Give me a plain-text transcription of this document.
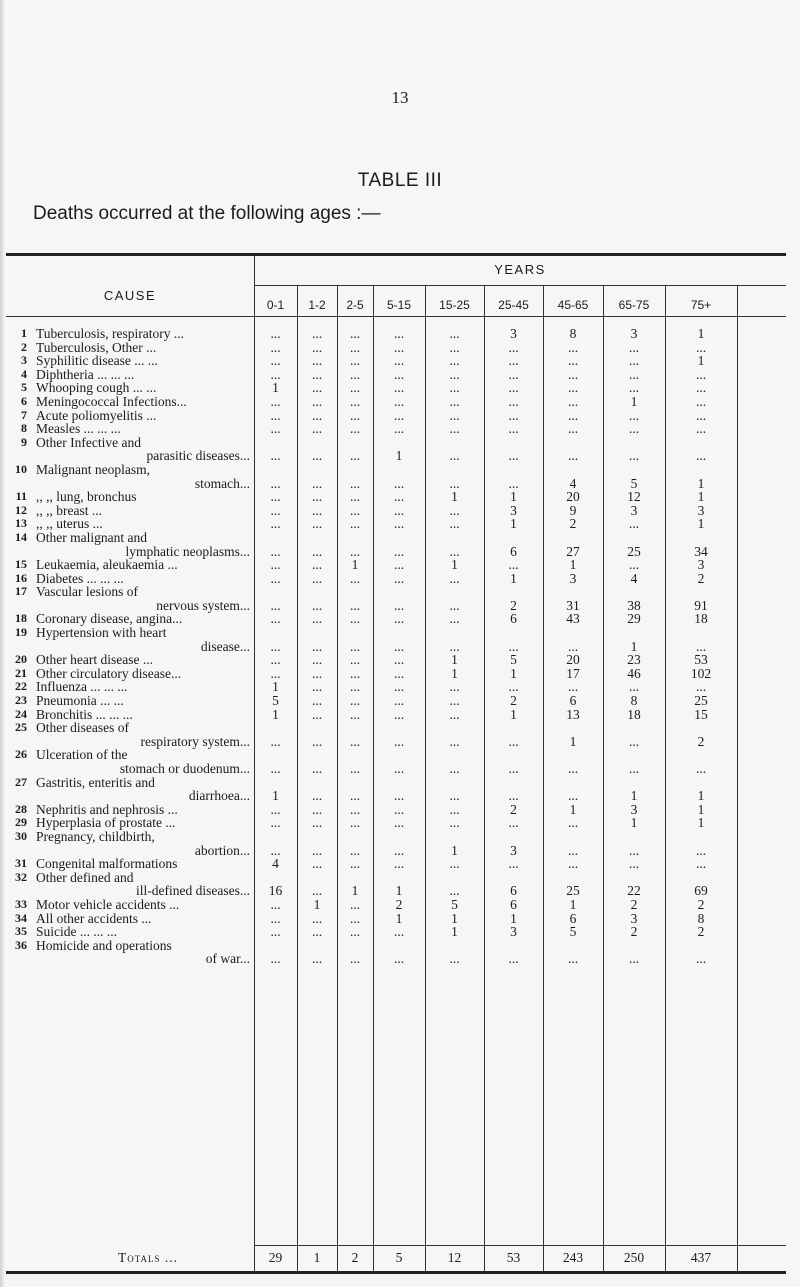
13
TABLE III
Deaths occurred at the following ages :—
CAUSE
YEARS
0-1	1-2	2-5	5-15	15-25	25-45	45-65	65-75	75+
1 Tuberculosis, respiratory ...	...	...	...	...	...	3	8	3	1
2 Tuberculosis, Other ...	...	...	...	...	...	...	...	...	...
3 Syphilitic disease ... ...	...	...	...	...	...	...	...	...	1
4 Diphtheria ... ... ...	...	...	...	...	...	...	...	...	...
5 Whooping cough ... ...	1	...	...	...	...	...	...	...	...
6 Meningococcal Infections...	...	...	...	...	...	...	...	1	...
7 Acute poliomyelitis ...	...	...	...	...	...	...	...	...	...
8 Measles ... ... ...	...	...	...	...	...	...	...	...	...
9 Other Infective and
parasitic diseases...	...	...	...	1	...	...	...	...	...
10 Malignant neoplasm,
stomach...	...	...	...	...	...	...	4	5	1
11 ,, ,, lung, bronchus	...	...	...	...	1	1	20	12	1
12 ,, ,, breast ...	...	...	...	...	...	3	9	3	3
13 ,, ,, uterus ...	...	...	...	...	...	1	2	...	1
14 Other malignant and
lymphatic neoplasms...	...	...	...	...	...	6	27	25	34
15 Leukaemia, aleukaemia ...	...	...	1	...	1	...	1	...	3
16 Diabetes ... ... ...	...	...	...	...	...	1	3	4	2
17 Vascular lesions of
nervous system...	...	...	...	...	...	2	31	38	91
18 Coronary disease, angina...	...	...	...	...	...	6	43	29	18
19 Hypertension with heart
disease...	...	...	...	...	...	...	...	1	...
20 Other heart disease ...	...	...	...	...	1	5	20	23	53
21 Other circulatory disease...	...	...	...	...	1	1	17	46	102
22 Influenza ... ... ...	1	...	...	...	...	...	...	...	...
23 Pneumonia ... ...	5	...	...	...	...	2	6	8	25
24 Bronchitis ... ... ...	1	...	...	...	...	1	13	18	15
25 Other diseases of
respiratory system...	...	...	...	...	...	...	1	...	2
26 Ulceration of the
stomach or duodenum...	...	...	...	...	...	...	...	...	...
27 Gastritis, enteritis and
diarrhoea...	1	...	...	...	...	...	...	1	1
28 Nephritis and nephrosis ...	...	...	...	...	...	2	1	3	1
29 Hyperplasia of prostate ...	...	...	...	...	...	...	...	1	1
30 Pregnancy, childbirth,
abortion...	...	...	...	...	1	3	...	...	...
31 Congenital malformations	4	...	...	...	...	...	...	...	...
32 Other defined and
ill-defined diseases...	16	...	1	1	...	6	25	22	69
33 Motor vehicle accidents ...	...	1	...	2	5	6	1	2	2
34 All other accidents ...	...	...	...	1	1	1	6	3	8
35 Suicide ... ... ...	...	...	...	...	1	3	5	2	2
36 Homicide and operations
of war...	...	...	...	...	...	...	...	...	...
Totals ...	29	1	2	5	12	53	243	250	437
